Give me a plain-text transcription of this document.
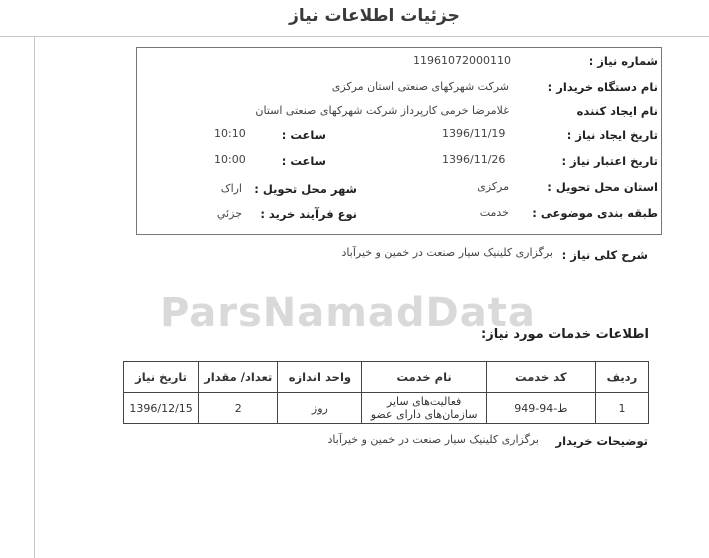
جزئیات اطلاعات نیاز
ParsNamadData
شماره نیاز :
11961072000110
نام دستگاه خریدار :
شرکت شهرکهای صنعتی استان مرکزی
نام ایجاد کننده
غلامرضا خرمی کارپرداز شرکت شهرکهای صنعتی استان
تاریخ ایجاد نیاز :
1396/11/19
ساعت :
10:10
تاریخ اعتبار نیاز :
1396/11/26
ساعت :
10:00
استان محل تحویل :
مرکزی
شهر محل تحویل :
اراک
طبقه بندی موضوعی :
خدمت
نوع فرآیند خرید :
جزئي
شرح کلی نیاز :
برگزاری کلینیک سیار صنعت در خمین و خیرآباد
اطلاعات خدمات مورد نیاز:
ردیف	کد خدمت	نام خدمت	واحد اندازه	تعداد/ مقدار	تاریخ نیاز
1	ط-94-949	فعالیت‌های سایر سازمان‌های دارای عضو	روز	2	1396/12/15
توضیحات خریدار
برگزاری کلینیک سیار صنعت در خمین و خیرآباد
